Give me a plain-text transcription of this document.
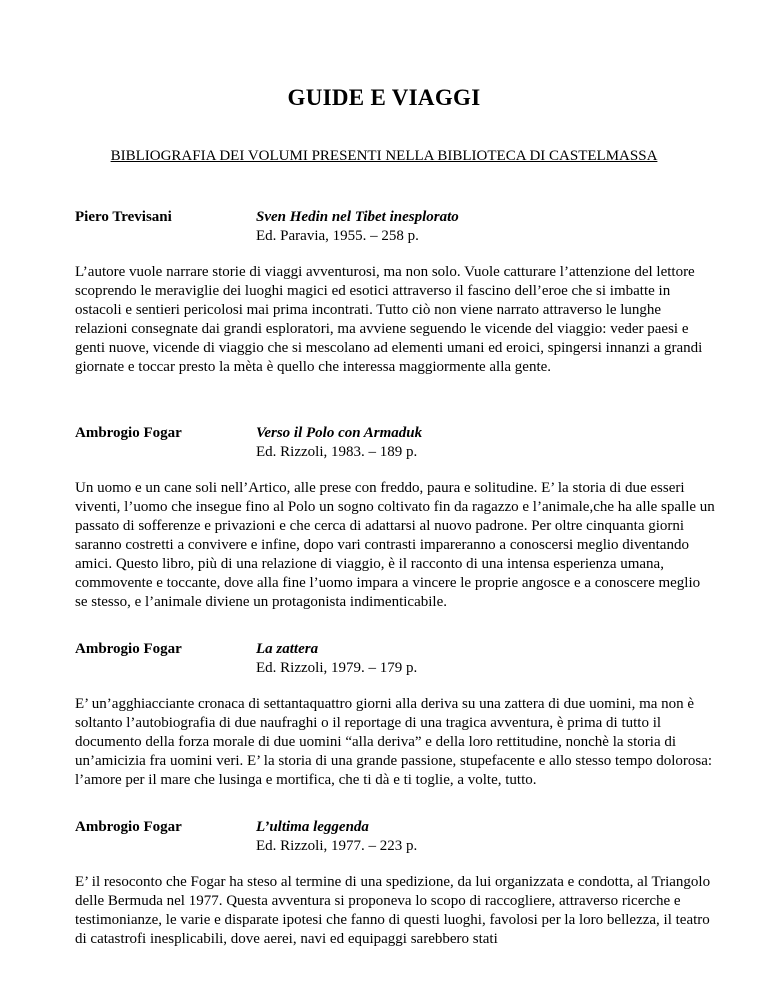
GUIDE E VIAGGI

BIBLIOGRAFIA DEI VOLUMI PRESENTI NELLA BIBLIOTECA DI CASTELMASSA

Piero Trevisani	Sven Hedin nel Tibet inesplorato
Ed. Paravia, 1955. – 258 p.

L’autore vuole narrare storie di viaggi avventurosi, ma non solo. Vuole catturare l’attenzione del lettore scoprendo le meraviglie dei luoghi magici ed esotici attraverso il fascino dell’eroe che si imbatte in ostacoli e sentieri pericolosi mai prima incontrati. Tutto ciò non viene narrato attraverso le lunghe relazioni consegnate dai grandi esploratori, ma avviene seguendo le vicende del viaggio: veder paesi e genti nuove, vicende di viaggio che si mescolano ad elementi umani ed eroici, spingersi innanzi a grandi giornate e toccar presto la mèta è quello che interessa maggiormente alla gente.

Ambrogio Fogar	Verso il Polo con Armaduk
Ed. Rizzoli, 1983. – 189 p.

Un uomo e un cane soli nell’Artico, alle prese con freddo, paura e solitudine. E’ la storia di due esseri viventi, l’uomo che insegue fino al Polo un sogno coltivato fin da ragazzo e l’animale,che ha alle spalle un passato di sofferenze e privazioni e che cerca di adattarsi al nuovo padrone. Per oltre cinquanta giorni saranno costretti a convivere e infine, dopo vari contrasti impareranno a conoscersi meglio diventando amici. Questo libro, più di una relazione di viaggio, è il racconto di una intensa esperienza umana, commovente e toccante, dove alla fine l’uomo impara a vincere le proprie angosce e a conoscere meglio se stesso, e l’animale diviene un protagonista indimenticabile.

Ambrogio Fogar	La zattera
Ed. Rizzoli, 1979. – 179 p.

E’ un’agghiacciante cronaca di settantaquattro giorni alla deriva su una zattera di due uomini, ma non è soltanto l’autobiografia di due naufraghi o il reportage di una tragica avventura, è prima di tutto il documento della forza morale di due uomini “alla deriva” e della loro rettitudine, nonchè la storia di un’amicizia fra uomini veri. E’ la storia di una grande passione, stupefacente e allo stesso tempo dolorosa: l’amore per il mare che lusinga e mortifica, che ti dà e ti toglie, a volte, tutto.

Ambrogio Fogar	L’ultima leggenda
Ed. Rizzoli, 1977. – 223 p.

E’ il resoconto che Fogar ha steso al termine di una spedizione, da lui organizzata e condotta, al Triangolo delle Bermuda nel 1977. Questa avventura si proponeva lo scopo di raccogliere, attraverso ricerche e testimonianze, le varie e disparate ipotesi che fanno di questi luoghi, favolosi per la loro bellezza, il teatro di catastrofi inesplicabili, dove aerei, navi ed equipaggi sarebbero stati
